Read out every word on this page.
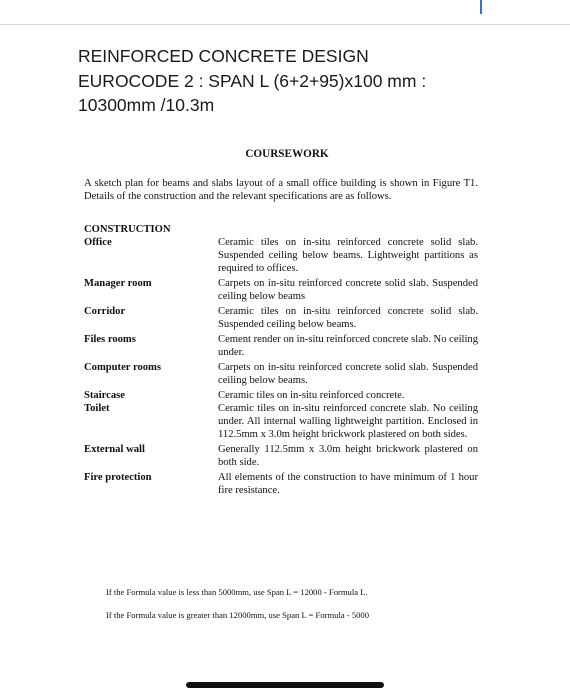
REINFORCED CONCRETE DESIGN
EUROCODE 2 : SPAN L (6+2+95)x100 mm :
10300mm /10.3m
COURSEWORK
A sketch plan for beams and slabs layout of a small office building is shown in Figure T1. Details of the construction and the relevant specifications are as follows.
CONSTRUCTION
Office	Ceramic tiles on in-situ reinforced concrete solid slab. Suspended ceiling below beams. Lightweight partitions as required to offices.
Manager room	Carpets on in-situ reinforced concrete solid slab. Suspended ceiling below beams
Corridor	Ceramic tiles on in-situ reinforced concrete solid slab. Suspended ceiling below beams.
Files rooms	Cement render on in-situ reinforced concrete slab. No ceiling under.
Computer rooms	Carpets on in-situ reinforced concrete solid slab. Suspended ceiling below beams.
Staircase	Ceramic tiles on in-situ reinforced concrete.
Toilet	Ceramic tiles on in-situ reinforced concrete slab. No ceiling under. All internal walling lightweight partition. Enclosed in 112.5mm x 3.0m height brickwork plastered on both sides.
External wall	Generally 112.5mm x 3.0m height brickwork plastered on both side.
Fire protection	All elements of the construction to have minimum of 1 hour fire resistance.

If the Formula value is less than 5000mm, use Span L = 12000 - Formula L.

If the Formula value is greater than 12000mm, use Span L = Formula - 5000
